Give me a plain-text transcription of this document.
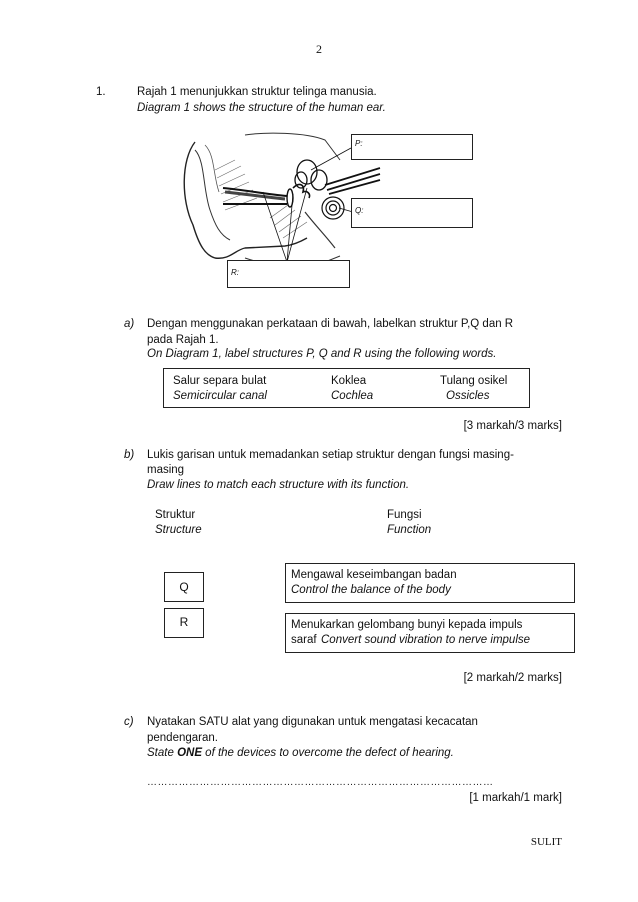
2
1.	Rajah 1 menunjukkan struktur telinga manusia.
Diagram 1 shows the structure of the human ear.
P:
Q:
R:
a) Dengan menggunakan perkataan di bawah, labelkan struktur P,Q dan R
pada Rajah 1.
On Diagram 1, label structures P, Q and R using the following words.
Salur separa bulat
Semicircular canal
Koklea
Cochlea
Tulang osikel
Ossicles
[3 markah/3 marks]
b) Lukis garisan untuk memadankan setiap struktur dengan fungsi masing-
masing
Draw lines to match each structure with its function.
Struktur
Structure
Fungsi
Function
Q
R
Mengawal keseimbangan badan
Control the balance of the body
Menukarkan gelombang bunyi kepada impuls
saraf Convert sound vibration to nerve impulse
[2 markah/2 marks]
c) Nyatakan SATU alat yang digunakan untuk mengatasi kecacatan
pendengaran.
State ONE of the devices to overcome the defect of hearing.
………………………………………………………………………………………
[1 markah/1 mark]
SULIT
